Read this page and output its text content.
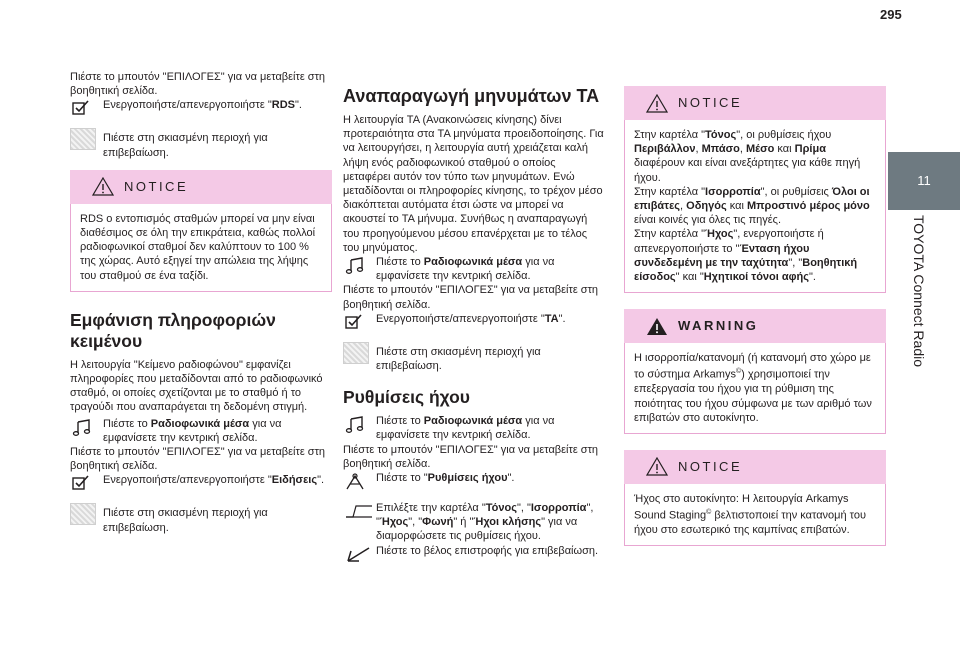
295
11
TOYOTA Connect Radio

Πιέστε το μπουτόν "ΕΠΙΛΟΓΕΣ" για να μεταβείτε στη βοηθητική σελίδα.

Ενεργοποιήστε/απενεργοποιήστε "RDS".
Πιέστε στη σκιασμένη περιοχή για επιβεβαίωση.
NOTICE
RDS ο εντοπισμός σταθμών μπορεί να μην είναι διαθέσιμος σε όλη την επικράτεια, καθώς πολλοί ραδιοφωνικοί σταθμοί δεν καλύπτουν το 100 % της χώρας. Αυτό εξηγεί την απώλεια της λήψης του σταθμού σε ένα ταξίδι.
Εμφάνιση πληροφοριών κειμένου

Η λειτουργία "Κείμενο ραδιοφώνου" εμφανίζει πληροφορίες που μεταδίδονται από το ραδιοφωνικό σταθμό, οι οποίες σχετίζονται με το σταθμό ή το τραγούδι που αναπαράγεται τη δεδομένη στιγμή.

Πιέστε το Ραδιοφωνικά μέσα για να εμφανίσετε την κεντρική σελίδα.

Πιέστε το μπουτόν "ΕΠΙΛΟΓΕΣ" για να μεταβείτε στη βοηθητική σελίδα.

Ενεργοποιήστε/απενεργοποιήστε "Ειδήσεις".
Πιέστε στη σκιασμένη περιοχή για επιβεβαίωση.
Αναπαραγωγή μηνυμάτων TA

Η λειτουργία TA (Ανακοινώσεις κίνησης) δίνει προτεραιότητα στα TA μηνύματα προειδοποίησης. Για να λειτουργήσει, η λειτουργία αυτή χρειάζεται καλή λήψη ενός ραδιοφωνικού σταθμού ο οποίος μεταφέρει αυτόν τον τύπο των μηνυμάτων. Ενώ μεταδίδονται οι πληροφορίες κίνησης, το τρέχον μέσο διακόπτεται αυτόματα έτσι ώστε να μπορεί να ακουστεί το TA μήνυμα. Συνήθως η αναπαραγωγή του προηγούμενου μέσου επανέρχεται με το τέλος του μηνύματος.

Πιέστε το Ραδιοφωνικά μέσα για να εμφανίσετε την κεντρική σελίδα.

Πιέστε το μπουτόν "ΕΠΙΛΟΓΕΣ" για να μεταβείτε στη βοηθητική σελίδα.

Ενεργοποιήστε/απενεργοποιήστε "TA".
Πιέστε στη σκιασμένη περιοχή για επιβεβαίωση.
Ρυθμίσεις ήχου
Πιέστε το Ραδιοφωνικά μέσα για να εμφανίσετε την κεντρική σελίδα.

Πιέστε το μπουτόν "ΕΠΙΛΟΓΕΣ" για να μεταβείτε στη βοηθητική σελίδα.

Πιέστε το "Ρυθμίσεις ήχου".
Επιλέξτε την καρτέλα "Τόνος", "Ισορροπία", "Ήχος", "Φωνή" ή "Ήχοι κλήσης" για να διαμορφώσετε τις ρυθμίσεις ήχου.
Πιέστε το βέλος επιστροφής για επιβεβαίωση.
NOTICE

Στην καρτέλα "Τόνος", οι ρυθμίσεις ήχου Περιβάλλον, Μπάσο, Μέσο και Πρίμα διαφέρουν και είναι ανεξάρτητες για κάθε πηγή ήχου.

Στην καρτέλα "Ισορροπία", οι ρυθμίσεις Όλοι οι επιβάτες, Οδηγός και Μπροστινό μέρος μόνο είναι κοινές για όλες τις πηγές.

Στην καρτέλα "Ήχος", ενεργοποιήστε ή απενεργοποιήστε το "Ένταση ήχου συνδεδεμένη με την ταχύτητα", "Βοηθητική είσοδος" και "Ηχητικοί τόνοι αφής".

WARNING
Η ισορροπία/κατανομή (ή κατανομή στο χώρο με το σύστημα Arkamys©) χρησιμοποιεί την επεξεργασία του ήχου για τη ρύθμιση της ποιότητας του ήχου σύμφωνα με των αριθμό των επιβατών στο αυτοκίνητο.
NOTICE
Ήχος στο αυτοκίνητο: Η λειτουργία Arkamys Sound Staging© βελτιστοποιεί την κατανομή του ήχου στο εσωτερικό της καμπίνας επιβατών.
